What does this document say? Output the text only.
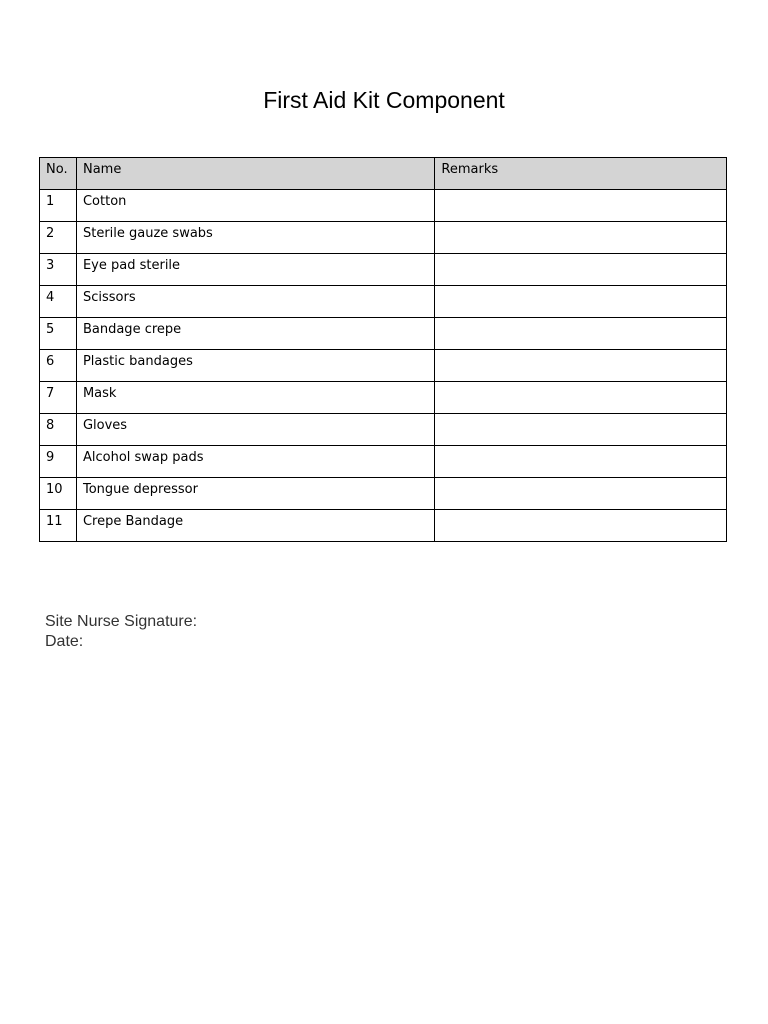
First Aid Kit Component
No.	Name	Remarks
1	Cotton	
2	Sterile gauze swabs	
3	Eye pad sterile	
4	Scissors	
5	Bandage crepe	
6	Plastic bandages	
7	Mask	
8	Gloves	
9	Alcohol swap pads	
10	Tongue depressor	
11	Crepe Bandage	
Site Nurse Signature:
Date:
